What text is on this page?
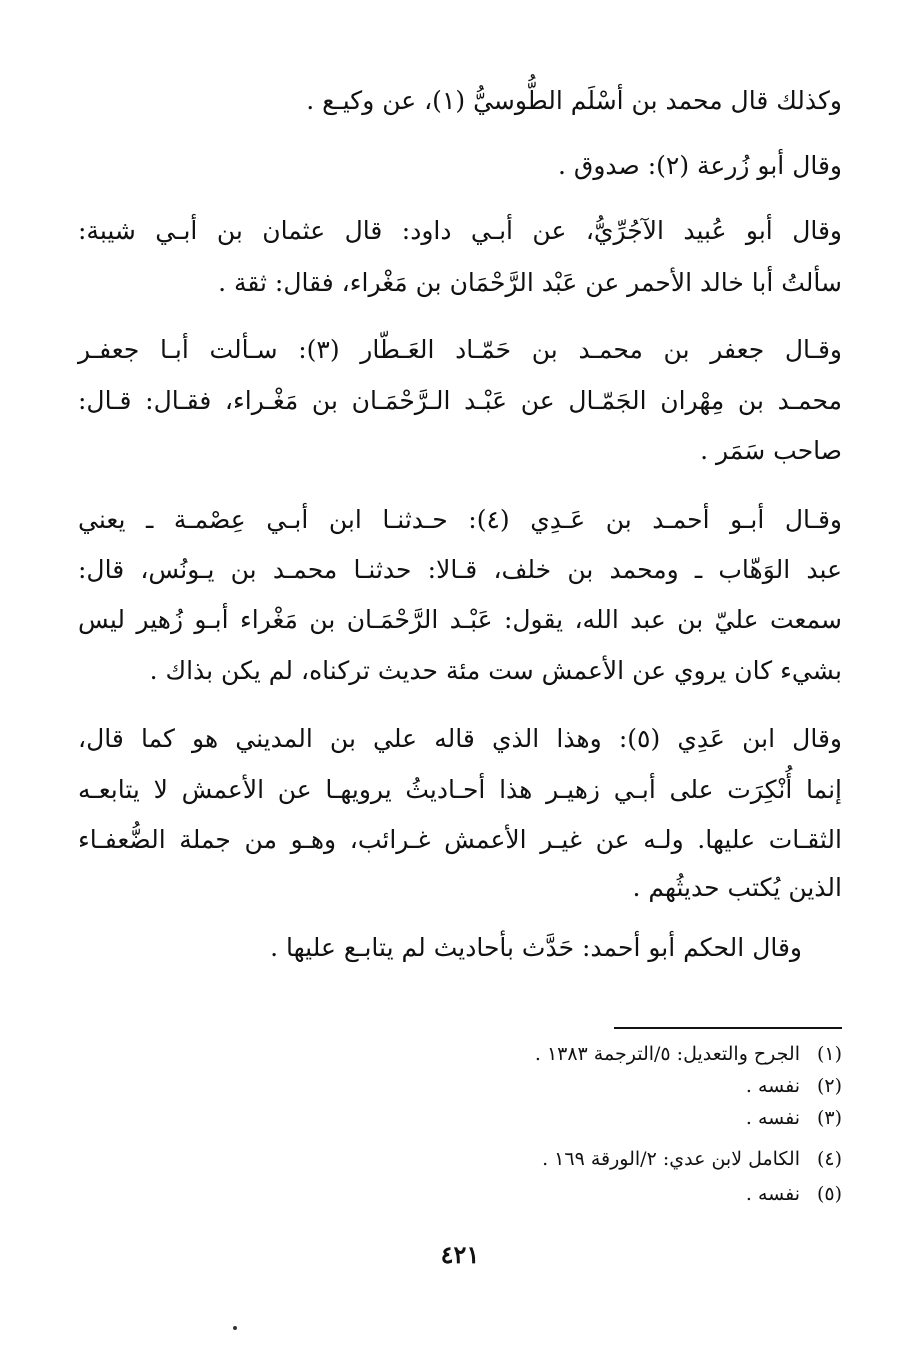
وكذلك قال محمد بن أسْلَم الطُّوسيُّ (١)، عن وكيـع .
وقال أبو زُرعة (٢): صدوق .
وقال أبو عُبيد الآجُرِّيُّ، عن أبـي داود: قال عثمان بن أبـي شيبة:
سألتُ أبا خالد الأحمر عن عَبْد الرَّحْمَان بن مَغْراء، فقال: ثقة .
وقـال جعفر بن محمـد بن حَمّـاد العَـطّار (٣): سـألت أبـا جعفـر
محمـد بن مِهْران الجَمّـال عن عَبْـد الـرَّحْمَـان بن مَغْـراء، فقـال: قـال:
صاحب سَمَر .
وقـال أبـو أحمـد بن عَـدِي (٤): حـدثنـا ابن أبـي عِصْمـة ـ يعني
عبد الوَهّاب ـ ومحمد بن خلف، قـالا: حدثنـا محمـد بن يـونُس، قال:
سمعت عليّ بن عبد الله، يقول: عَبْـد الرَّحْمَـان بن مَغْراء أبـو زُهير ليس
بشيء كان يروي عن الأعمش ست مئة حديث تركناه، لم يكن بذاك .
وقال ابن عَدِي (٥): وهذا الذي قاله علي بن المديني هو كما قال،
إنما أُنْكِرَت على أبـي زهيـر هذا أحـاديثُ يرويهـا عن الأعمش لا يتابعـه
الثقـات عليها. ولـه عن غيـر الأعمش غـرائب، وهـو من جملة الضُّعفـاء
الذين يُكتب حديثُهم .
وقال الحكم أبو أحمد: حَدَّث بأحاديث لم يتابـع عليها .
(١)الجرح والتعديل: ٥/الترجمة ١٣٨٣ .
(٢)نفسه .
(٣)نفسه .
(٤)الكامل لابن عدي: ٢/الورقة ١٦٩ .
(٥)نفسه .
٤٢١
